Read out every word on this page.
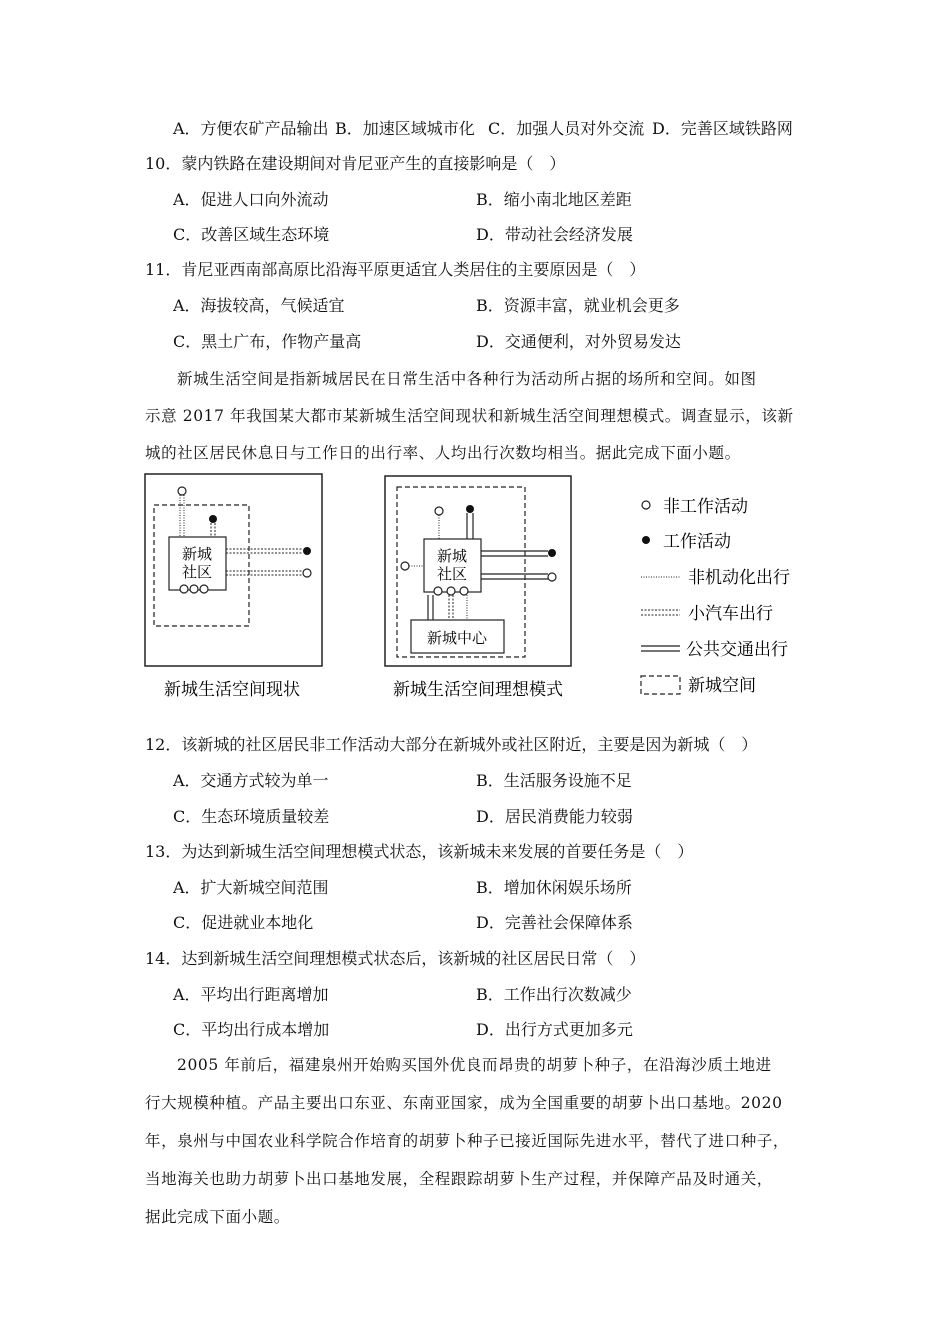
A．方便农矿产品输出 B．加速区域城市化 C．加强人员对外交流 D．完善区域铁路网
10．蒙内铁路在建设期间对肯尼亚产生的直接影响是（　）
A．促进人口向外流动	B．缩小南北地区差距
C．改善区域生态环境	D．带动社会经济发展
11．肯尼亚西南部高原比沿海平原更适宜人类居住的主要原因是（　）
A．海拔较高，气候适宜	B．资源丰富，就业机会更多
C．黑土广布，作物产量高	D．交通便利，对外贸易发达
新城生活空间是指新城居民在日常生活中各种行为活动所占据的场所和空间。如图
示意 2017 年我国某大都市某新城生活空间现状和新城生活空间理想模式。调查显示，该新
城的社区居民休息日与工作日的出行率、人均出行次数均相当。据此完成下面小题。
新城
社区
新城生活空间现状
新城
社区
新城中心
新城生活空间理想模式
非工作活动
工作活动
非机动化出行
小汽车出行
公共交通出行
新城空间
12．该新城的社区居民非工作活动大部分在新城外或社区附近，主要是因为新城（　）
A．交通方式较为单一	B．生活服务设施不足
C．生态环境质量较差	D．居民消费能力较弱
13．为达到新城生活空间理想模式状态，该新城未来发展的首要任务是（　）
A．扩大新城空间范围	B．增加休闲娱乐场所
C．促进就业本地化	D．完善社会保障体系
14．达到新城生活空间理想模式状态后，该新城的社区居民日常（　）
A．平均出行距离增加	B．工作出行次数减少
C．平均出行成本增加	D．出行方式更加多元
2005 年前后，福建泉州开始购买国外优良而昂贵的胡萝卜种子，在沿海沙质土地进
行大规模种植。产品主要出口东亚、东南亚国家，成为全国重要的胡萝卜出口基地。2020
年，泉州与中国农业科学院合作培育的胡萝卜种子已接近国际先进水平，替代了进口种子，
当地海关也助力胡萝卜出口基地发展，全程跟踪胡萝卜生产过程，并保障产品及时通关，
据此完成下面小题。
